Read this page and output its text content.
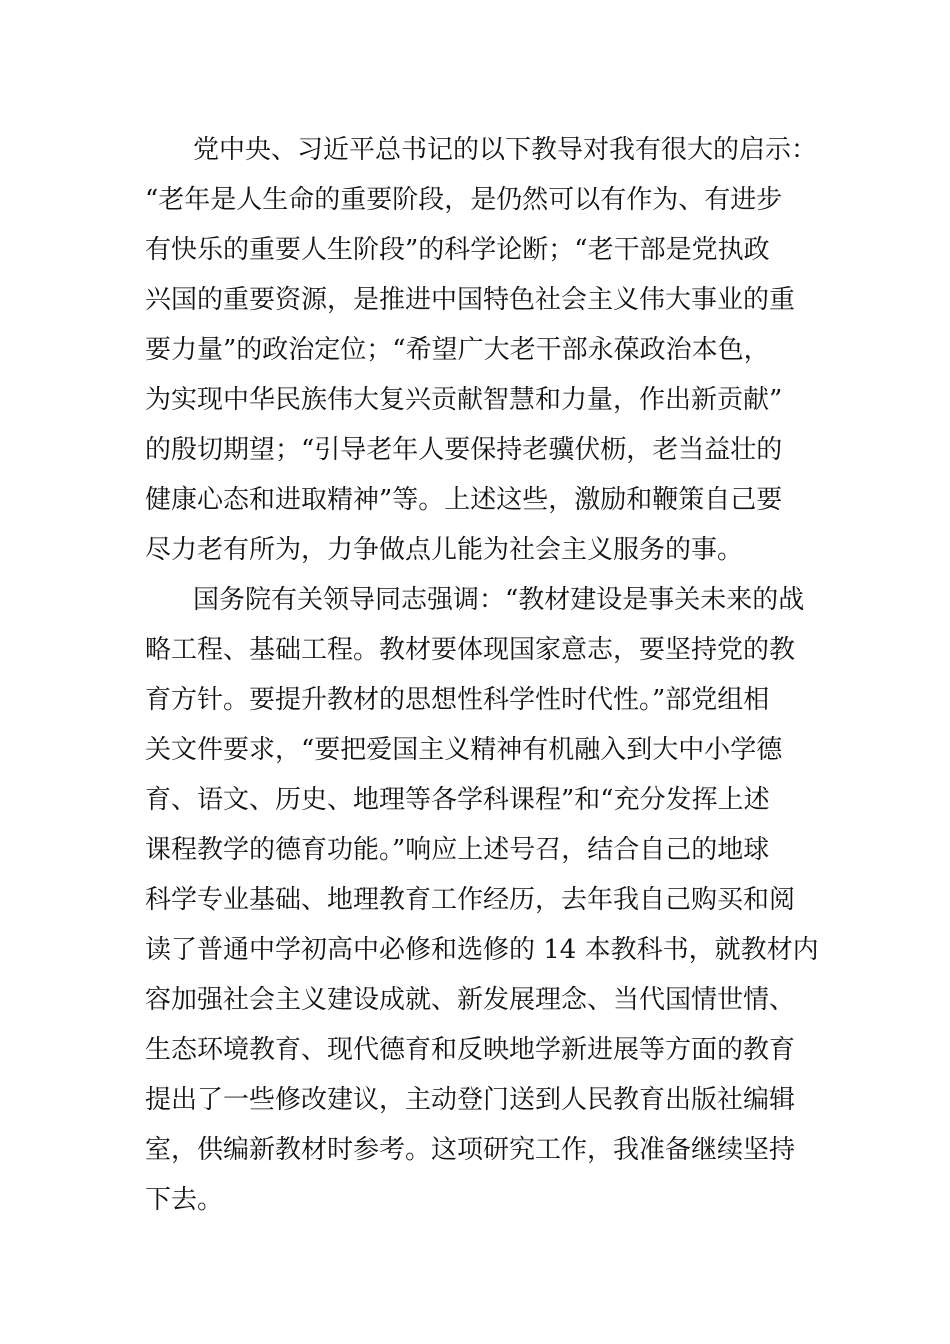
　　党中央、习近平总书记的以下教导对我有很大的启示：
“老年是人生命的重要阶段，是仍然可以有作为、有进步
有快乐的重要人生阶段”的科学论断；“老干部是党执政
兴国的重要资源，是推进中国特色社会主义伟大事业的重
要力量”的政治定位；“希望广大老干部永葆政治本色，
为实现中华民族伟大复兴贡献智慧和力量，作出新贡献”
的殷切期望；“引导老年人要保持老骥伏枥，老当益壮的
健康心态和进取精神”等。上述这些，激励和鞭策自己要
尽力老有所为，力争做点儿能为社会主义服务的事。
　　国务院有关领导同志强调：“教材建设是事关未来的战
略工程、基础工程。教材要体现国家意志，要坚持党的教
育方针。要提升教材的思想性科学性时代性。”部党组相
关文件要求，“要把爱国主义精神有机融入到大中小学德
育、语文、历史、地理等各学科课程”和“充分发挥上述
课程教学的德育功能。”响应上述号召，结合自己的地球
科学专业基础、地理教育工作经历，去年我自己购买和阅
读了普通中学初高中必修和选修的 14 本教科书，就教材内
容加强社会主义建设成就、新发展理念、当代国情世情、
生态环境教育、现代德育和反映地学新进展等方面的教育
提出了一些修改建议，主动登门送到人民教育出版社编辑
室，供编新教材时参考。这项研究工作，我准备继续坚持
下去。
